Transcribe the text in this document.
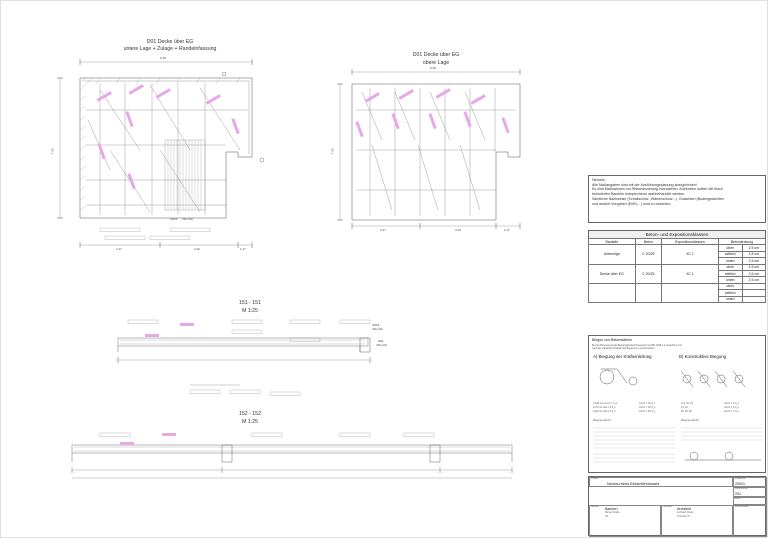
D01 Decke über EG
untere Lage + Zulage + Randeinfassung
6.45
7.26
4.17	4.16	1.17
UZ16 (HEA 200)
D01 Decke über EG
obere Lage
6.45
7.26
4.17	4.16	1.17
151 - 151
M 1:25
UZ16
(HEA 200)
S02
(HEA 100)
152 - 152
M 1:25
Hinweis:
Alle Maßangaben sind mit der Ausführungsplanung abzugleichen!
Es sind Maßnahmen zur Rissreduzierung vorzusehen. Außerdem sollten die frisch
betonierten Bauteile entsprechend nachbehandelt werden.
Sämtliche Nachweise (Schallschutz, Wärmeschutz...), Gutachten (Bodengutachten
und andere Vorgaben (EnEv,...) sind zu beachten.
Beton- und Expositionsklassen
Bauteile	Beton	Expositionsklassen	Betondeckung	
Unterzüge	C 20/25	XC 1	oben	2,5 cm
			seitlich	2,5 cm
			unten	2,5 cm
Decke über EG	C 20/25	XC 1	oben	2,5 cm
			seitlich	2,5 cm
			unten	2,5 cm
			oben	
			seitlich	
			unten	
Biegen von Betonstählen
Bei der Bemessung des Biegerollendurchmessers D ist DIN 1045-2 zu beachten und
nach der statischen Position der Biegung zu unterscheiden.
A) Biegung der Krafteinleitung	B) Konstruktive Biegung
ø 160 mm und ≥ 7 d_s
ø 70 mm und ≥ 5 d_s
ø 50 mm und ≥ 3 d_s
min D = 10 d_s
min D = 15 d_s
min D = 20 d_s
6, 8, 10, 12
14, 16
20, 25, 28
min D = 4 d_s
min D = 4 d_s
min D = 7 d_s
Biegung nach A):	Biegung nach B):
Projekt
Neubau eines Einfamilienhauses
Projekt-Nr.
25001
Plannummer
201
Index
Bauherr Bauherr
Muster Straße
Ort
Architekt Architekt
Architekt Straße
Architekt Ort
Planverfasser
